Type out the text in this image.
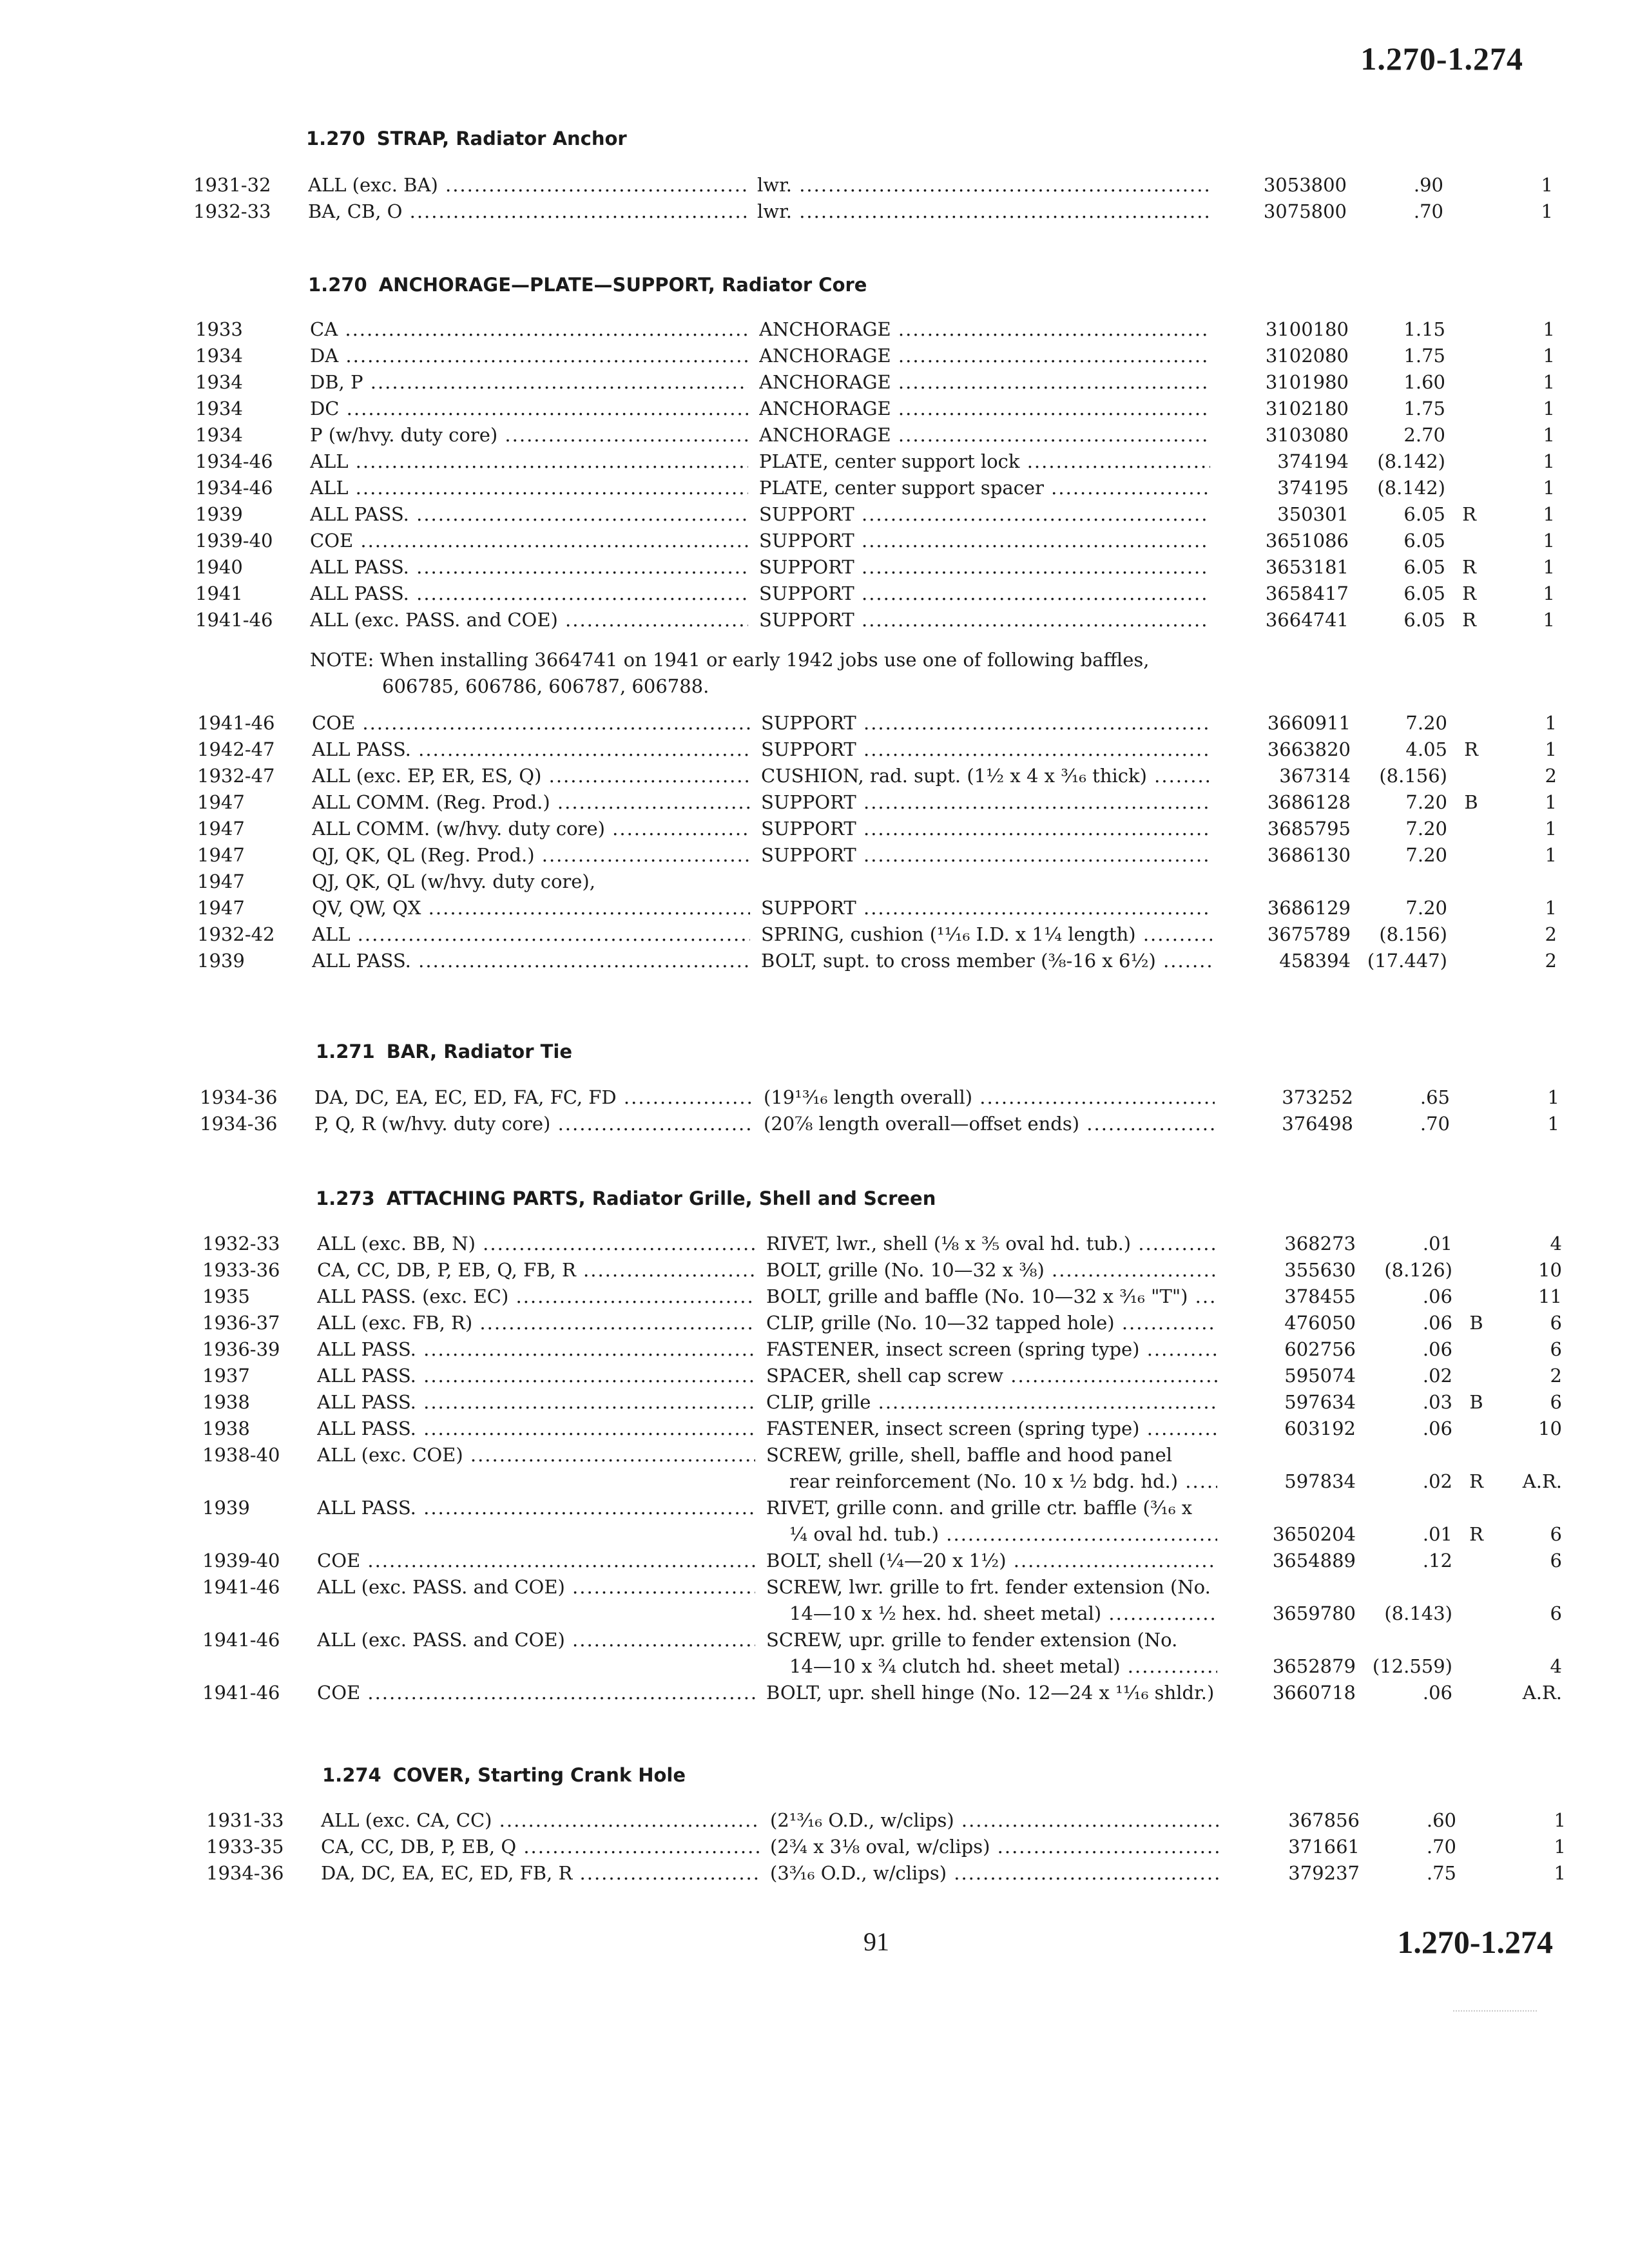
1.270-1.274
1.270 STRAP, Radiator Anchor
1931-32	ALL (exc. BA) .....	lwr. .....	3053800	.90	1
1932-33	BA, CB, O .....	lwr. .....	3075800	.70	1
1.270 ANCHORAGE—PLATE—SUPPORT, Radiator Core
1933	CA .....	ANCHORAGE .....	3100180	1.15	1
1934	DA .....	ANCHORAGE .....	3102080	1.75	1
1934	DB, P .....	ANCHORAGE .....	3101980	1.60	1
1934	DC .....	ANCHORAGE .....	3102180	1.75	1
1934	P (w/hvy. duty core) .....	ANCHORAGE .....	3103080	2.70	1
1934-46	ALL .....	PLATE, center support lock .....	374194	(8.142)	1
1934-46	ALL .....	PLATE, center support spacer .....	374195	(8.142)	1
1939	ALL PASS. .....	SUPPORT .....	350301	6.05 R	1
1939-40	COE .....	SUPPORT .....	3651086	6.05	1
1940	ALL PASS. .....	SUPPORT .....	3653181	6.05 R	1
1941	ALL PASS. .....	SUPPORT .....	3658417	6.05 R	1
1941-46	ALL (exc. PASS. and COE) .....	SUPPORT .....	3664741	6.05 R	1
NOTE: When installing 3664741 on 1941 or early 1942 jobs use one of following baffles,
606785, 606786, 606787, 606788.
1941-46	COE .....	SUPPORT .....	3660911	7.20	1
1942-47	ALL PASS. .....	SUPPORT .....	3663820	4.05 R	1
1932-47	ALL (exc. EP, ER, ES, Q) .....	CUSHION, rad. supt. (1½ x 4 x ³⁄₁₆ thick) .....	367314	(8.156)	2
1947	ALL COMM. (Reg. Prod.) .....	SUPPORT .....	3686128	7.20 B	1
1947	ALL COMM. (w/hvy. duty core) .....	SUPPORT .....	3685795	7.20	1
1947	QJ, QK, QL (Reg. Prod.) .....	SUPPORT .....	3686130	7.20	1
1947	QJ, QK, QL (w/hvy. duty core),
1947	QV, QW, QX .....	SUPPORT .....	3686129	7.20	1
1932-42	ALL .....	SPRING, cushion (¹¹⁄₁₆ I.D. x 1¼ length) .....	3675789	(8.156)	2
1939	ALL PASS. .....	BOLT, supt. to cross member (³⁄₈-16 x 6½) .....	458394 (17.447)	2
1.271 BAR, Radiator Tie
1934-36	DA, DC, EA, EC, ED, FA, FC, FD .....	(19¹³⁄₁₆ length overall) .....	373252	.65	1
1934-36	P, Q, R (w/hvy. duty core) .....	(20⅞ length overall—offset ends) .....	376498	.70	1
1.273 ATTACHING PARTS, Radiator Grille, Shell and Screen
1932-33	ALL (exc. BB, N) .....	RIVET, lwr., shell (⅛ x ³⁄₅ oval hd. tub.) .....	368273	.01	4
1933-36	CA, CC, DB, P, EB, Q, FB, R .....	BOLT, grille (No. 10—32 x ⅜) .....	355630	(8.126)	10
1935	ALL PASS. (exc. EC) .....	BOLT, grille and baffle (No. 10—32 x ³⁄₁₆ "T") .....	378455	.06	11
1936-37	ALL (exc. FB, R) .....	CLIP, grille (No. 10—32 tapped hole) .....	476050	.06 B	6
1936-39	ALL PASS. .....	FASTENER, insect screen (spring type) .....	602756	.06	6
1937	ALL PASS. .....	SPACER, shell cap screw .....	595074	.02	2
1938	ALL PASS. .....	CLIP, grille .....	597634	.03 B	6
1938	ALL PASS. .....	FASTENER, insect screen (spring type) .....	603192	.06	10
1938-40	ALL (exc. COE) .....	SCREW, grille, shell, baffle and hood panel
rear reinforcement (No. 10 x ½ bdg. hd.) .....	597834	.02 R	A.R.
1939	ALL PASS. .....	RIVET, grille conn. and grille ctr. baffle (³⁄₁₆ x
¼ oval hd. tub.) .....	3650204	.01 R	6
1939-40	COE .....	BOLT, shell (¼—20 x 1½) .....	3654889	.12	6
1941-46	ALL (exc. PASS. and COE) .....	SCREW, lwr. grille to frt. fender extension (No.
14—10 x ½ hex. hd. sheet metal) .....	3659780	(8.143)	6
1941-46	ALL (exc. PASS. and COE) .....	SCREW, upr. grille to fender extension (No.
14—10 x ¾ clutch hd. sheet metal) .....	3652879 (12.559)	4
1941-46	COE .....	BOLT, upr. shell hinge (No. 12—24 x ¹¹⁄₁₆ shldr.) .....	3660718	.06	A.R.
1.274 COVER, Starting Crank Hole
1931-33	ALL (exc. CA, CC) .....	(2¹³⁄₁₆ O.D., w/clips) .....	367856	.60	1
1933-35	CA, CC, DB, P, EB, Q .....	(2¾ x 3⅛ oval, w/clips) .....	371661	.70	1
1934-36	DA, DC, EA, EC, ED, FB, R .....	(3³⁄₁₆ O.D., w/clips) .....	379237	.75	1
91	1.270-1.274
